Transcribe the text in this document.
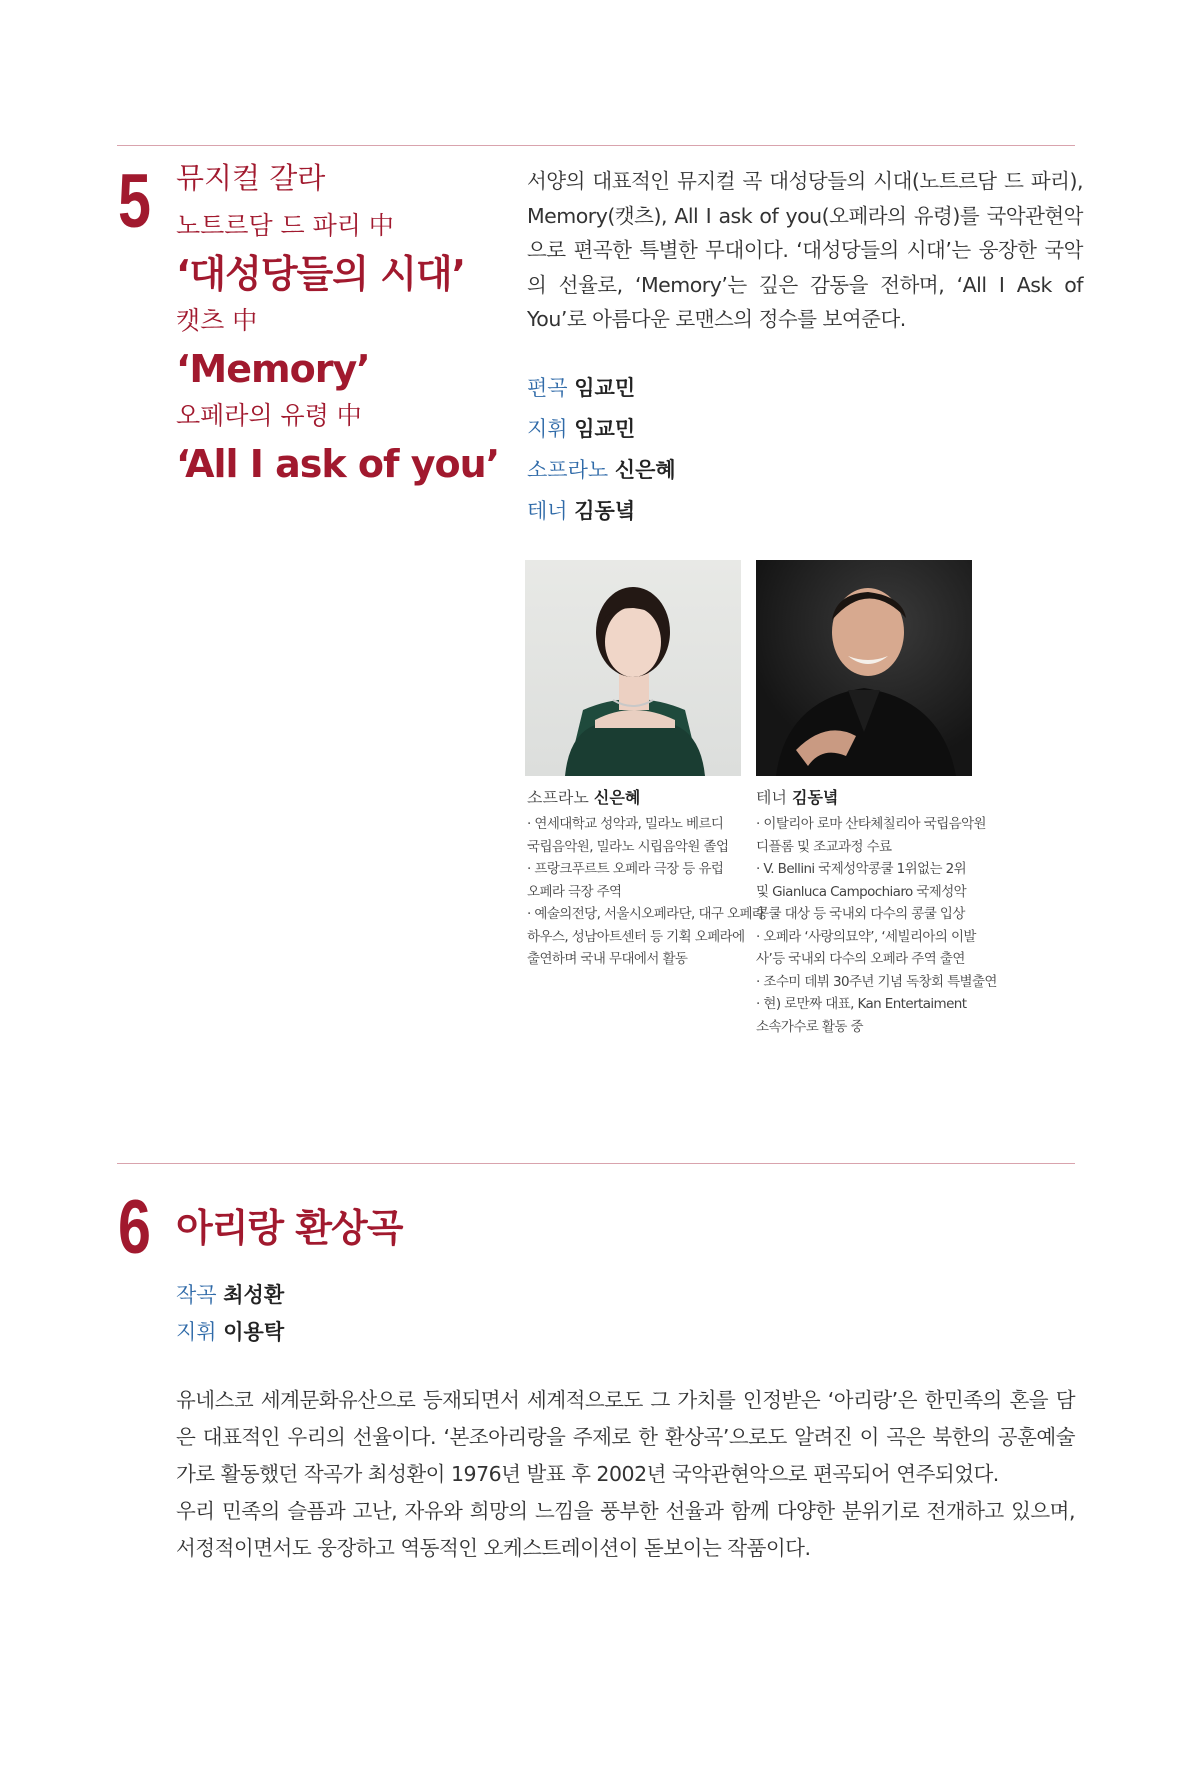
5 뮤지컬 갈라
노트르담 드 파리 中
‘대성당들의 시대’
캣츠 中
‘Memory’
오페라의 유령 中
‘All I ask of you’
서양의 대표적인 뮤지컬 곡 대성당들의 시대(노트르담 드 파리), Memory(캣츠), All I ask of you(오페라의 유령)를 국악관현악으로 편곡한 특별한 무대이다. ‘대성당들의 시대’는 웅장한 국악의 선율로, ‘Memory’는 깊은 감동을 전하며, ‘All I Ask of You’로 아름다운 로맨스의 정수를 보여준다.
편곡 임교민
지휘 임교민
소프라노 신은혜
테너 김동녘
소프라노 신은혜
· 연세대학교 성악과, 밀라노 베르디
국립음악원, 밀라노 시립음악원 졸업
· 프랑크푸르트 오페라 극장 등 유럽
오페라 극장 주역
· 예술의전당, 서울시오페라단, 대구 오페라
하우스, 성남아트센터 등 기획 오페라에
출연하며 국내 무대에서 활동
테너 김동녘
· 이탈리아 로마 산타체칠리아 국립음악원
디플롬 및 조교과정 수료
· V. Bellini 국제성악콩쿨 1위없는 2위
및 Gianluca Campochiaro 국제성악
콩쿨 대상 등 국내외 다수의 콩쿨 입상
· 오페라 ‘사랑의묘약’, ‘세빌리아의 이발
사’등 국내외 다수의 오페라 주역 출연
· 조수미 데뷔 30주년 기념 독창회 특별출연
· 현) 로만짜 대표, Kan Entertaiment
소속가수로 활동 중
6 아리랑 환상곡
작곡 최성환
지휘 이용탁

유네스코 세계문화유산으로 등재되면서 세계적으로도 그 가치를 인정받은 ‘아리랑’은 한민족의 혼을 담은 대표적인 우리의 선율이다. ‘본조아리랑을 주제로 한 환상곡’으로도 알려진 이 곡은 북한의 공훈예술가로 활동했던 작곡가 최성환이 1976년 발표 후 2002년 국악관현악으로 편곡되어 연주되었다.

우리 민족의 슬픔과 고난, 자유와 희망의 느낌을 풍부한 선율과 함께 다양한 분위기로 전개하고 있으며, 서정적이면서도 웅장하고 역동적인 오케스트레이션이 돋보이는 작품이다.
